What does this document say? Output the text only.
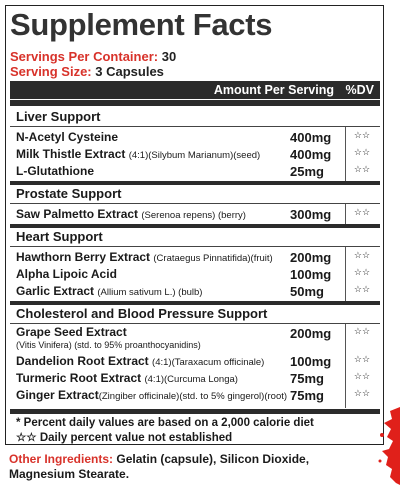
Supplement Facts
Servings Per Container: 30
Serving Size: 3 Capsules
Amount Per Serving %DV
Liver Support
N-Acetyl Cysteine	400mg	☆☆
Milk Thistle Extract (4:1)(Silybum Marianum)(seed) 400mg	☆☆
L-Glutathione	25mg	☆☆
Prostate Support
Saw Palmetto Extract (Serenoa repens) (berry)	300mg	☆☆
Heart Support
Hawthorn Berry Extract (Crataegus Pinnatifida)(fruit) 200mg	☆☆
Alpha Lipoic Acid	100mg	☆☆
Garlic Extract (Allium sativum L.) (bulb)	50mg	☆☆
Cholesterol and Blood Pressure Support
Grape Seed Extract
(Vitis Vinifera) (std. to 95% proanthocyanidins)
200mg	☆☆
Dandelion Root Extract (4:1)(Taraxacum officinale) 100mg	☆☆
Turmeric Root Extract (4:1)(Curcuma Longa)	75mg	☆☆
Ginger Extract(Zingiber officinale)(std. to 5% gingerol)(root) 75mg	☆☆
* Percent daily values are based on a 2,000 calorie diet
☆☆ Daily percent value not established
Other Ingredients: Gelatin (capsule), Silicon Dioxide, Magnesium Stearate.
